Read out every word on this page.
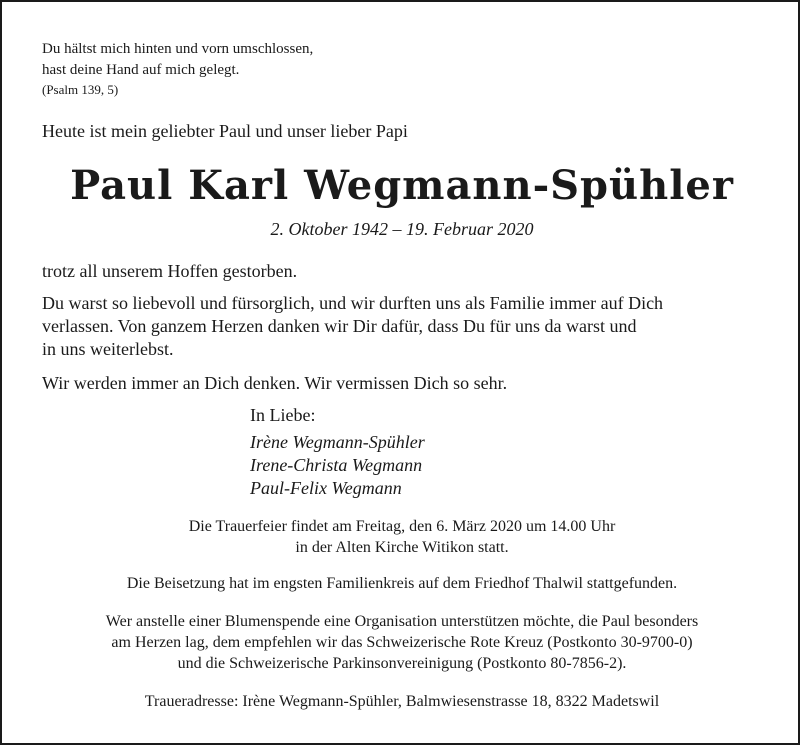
Du hältst mich hinten und vorn umschlossen,
hast deine Hand auf mich gelegt.
(Psalm 139, 5)
Heute ist mein geliebter Paul und unser lieber Papi
Paul Karl Wegmann-Spühler
2. Oktober 1942 – 19. Februar 2020
trotz all unserem Hoffen gestorben.
Du warst so liebevoll und fürsorglich, und wir durften uns als Familie immer auf Dich
verlassen. Von ganzem Herzen danken wir Dir dafür, dass Du für uns da warst und
in uns weiterlebst.
Wir werden immer an Dich denken. Wir vermissen Dich so sehr.
In Liebe:
Irène Wegmann-Spühler
Irene-Christa Wegmann
Paul-Felix Wegmann
Die Trauerfeier findet am Freitag, den 6. März 2020 um 14.00 Uhr
in der Alten Kirche Witikon statt.
Die Beisetzung hat im engsten Familienkreis auf dem Friedhof Thalwil stattgefunden.
Wer anstelle einer Blumenspende eine Organisation unterstützen möchte, die Paul besonders
am Herzen lag, dem empfehlen wir das Schweizerische Rote Kreuz (Postkonto 30-9700-0)
und die Schweizerische Parkinsonvereinigung (Postkonto 80-7856-2).
Traueradresse: Irène Wegmann-Spühler, Balmwiesenstrasse 18, 8322 Madetswil
